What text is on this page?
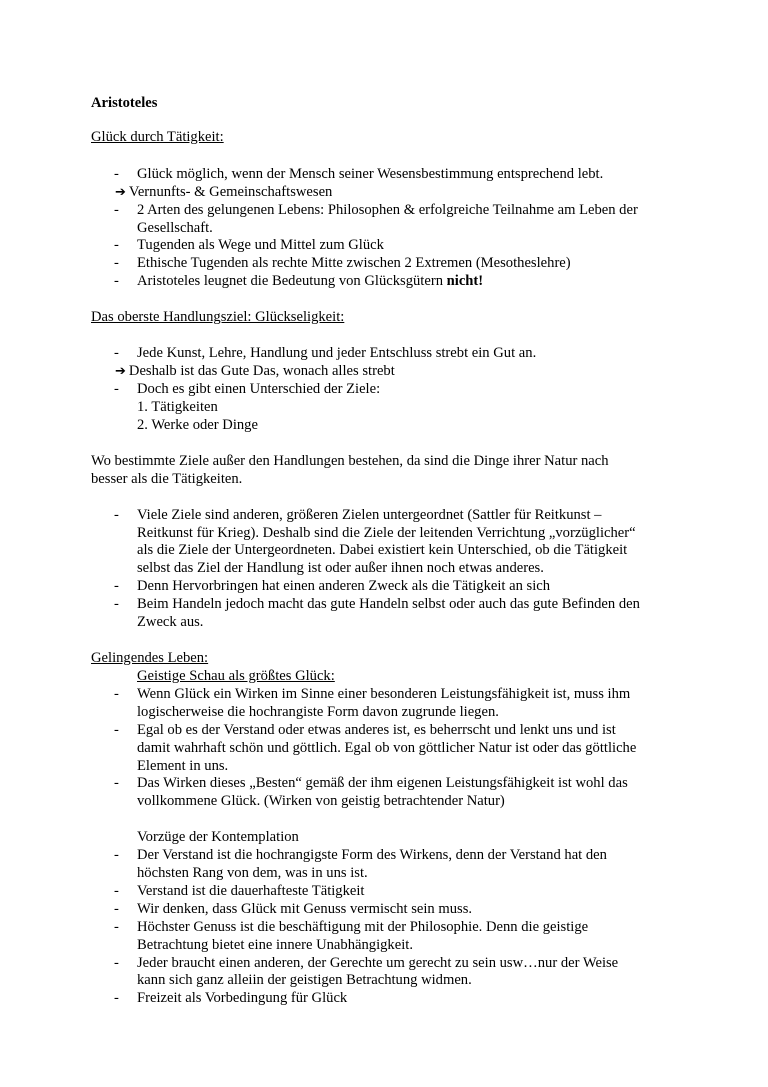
Aristoteles
Glück durch Tätigkeit:
-	Glück möglich, wenn der Mensch seiner Wesensbestimmung entsprechend lebt.
➔ Vernunfts- & Gemeinschaftswesen
-	2 Arten des gelungenen Lebens: Philosophen & erfolgreiche Teilnahme am Leben der
Gesellschaft.
-	Tugenden als Wege und Mittel zum Glück
-	Ethische Tugenden als rechte Mitte zwischen 2 Extremen (Mesotheslehre)
-	Aristoteles leugnet die Bedeutung von Glücksgütern nicht!
Das oberste Handlungsziel: Glückseligkeit:
-	Jede Kunst, Lehre, Handlung und jeder Entschluss strebt ein Gut an.
➔ Deshalb ist das Gute Das, wonach alles strebt
-	Doch es gibt einen Unterschied der Ziele:
1. Tätigkeiten
2. Werke oder Dinge
Wo bestimmte Ziele außer den Handlungen bestehen, da sind die Dinge ihrer Natur nach
besser als die Tätigkeiten.
-	Viele Ziele sind anderen, größeren Zielen untergeordnet (Sattler für Reitkunst –
Reitkunst für Krieg). Deshalb sind die Ziele der leitenden Verrichtung „vorzüglicher“
als die Ziele der Untergeordneten. Dabei existiert kein Unterschied, ob die Tätigkeit
selbst das Ziel der Handlung ist oder außer ihnen noch etwas anderes.
-	Denn Hervorbringen hat einen anderen Zweck als die Tätigkeit an sich
-	Beim Handeln jedoch macht das gute Handeln selbst oder auch das gute Befinden den
Zweck aus.
Gelingendes Leben:
Geistige Schau als größtes Glück:
-	Wenn Glück ein Wirken im Sinne einer besonderen Leistungsfähigkeit ist, muss ihm
logischerweise die hochrangiste Form davon zugrunde liegen.
-	Egal ob es der Verstand oder etwas anderes ist, es beherrscht und lenkt uns und ist
damit wahrhaft schön und göttlich. Egal ob von göttlicher Natur ist oder das göttliche
Element in uns.
-	Das Wirken dieses „Besten“ gemäß der ihm eigenen Leistungsfähigkeit ist wohl das
vollkommene Glück. (Wirken von geistig betrachtender Natur)
Vorzüge der Kontemplation
-	Der Verstand ist die hochrangigste Form des Wirkens, denn der Verstand hat den
höchsten Rang von dem, was in uns ist.
-	Verstand ist die dauerhafteste Tätigkeit
-	Wir denken, dass Glück mit Genuss vermischt sein muss.
-	Höchster Genuss ist die beschäftigung mit der Philosophie. Denn die geistige
Betrachtung bietet eine innere Unabhängigkeit.
-	Jeder braucht einen anderen, der Gerechte um gerecht zu sein usw…nur der Weise
kann sich ganz alleiin der geistigen Betrachtung widmen.
-	Freizeit als Vorbedingung für Glück
